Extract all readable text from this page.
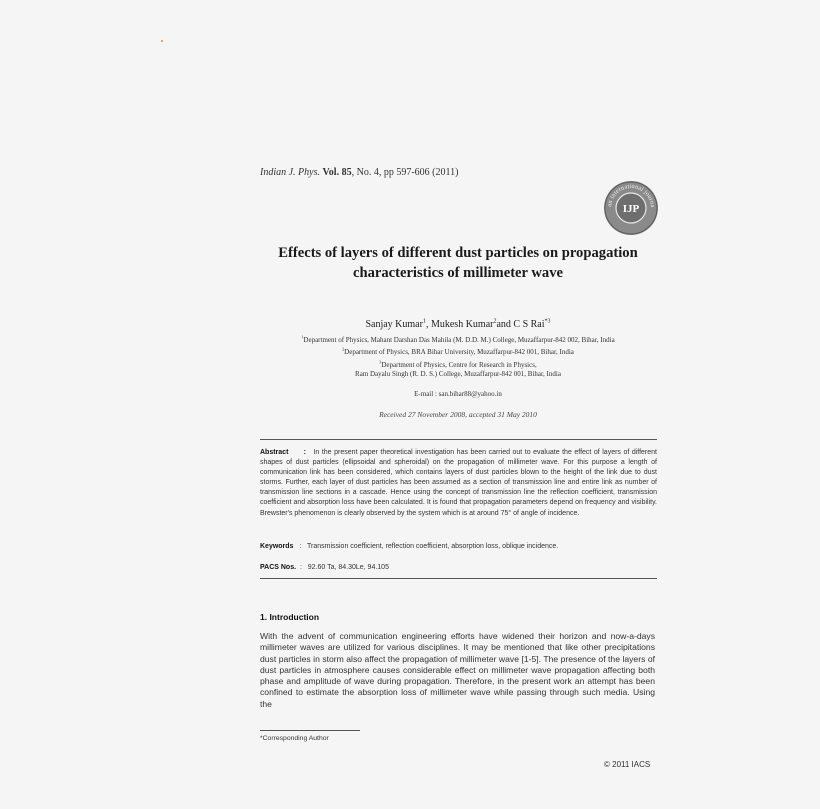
Indian J. Phys. Vol. 85, No. 4, pp 597-606 (2011)
an international journa
IJP
Effects of layers of different dust particles on propagation
characteristics of millimeter wave
Sanjay Kumar$^1$, Mukesh Kumar$^2$and C S Rai$^{*3}$
$^1$Department of Physics, Mahant Darshan Das Mahila (M. D.D. M.) College, Muzaffarpur-842 002, Bihar, India
$^2$Department of Physics, BRA Bihar University, Muzaffarpur-842 001, Bihar, India
$^3$Department of Physics, Centre for Research in Physics,
Ram Dayalu Singh (R. D. S.) College, Muzaffarpur-842 001, Bihar, India
E-mail : san.bihar88@yahoo.in
Received 27 November 2008, accepted 31 May 2010
Abstract : In the present paper theoretical investigation has been carried out to evaluate the effect of layers of different shapes of dust particles (ellipsoidal and spheroidal) on the propagation of millimeter wave. For this purpose a length of communication link has been considered, which contains layers of dust particles blown to the height of the link due to dust storms. Further, each layer of dust particles has been assumed as a section of transmission line and entire link as number of transmission line sections in a cascade. Hence using the concept of transmission line the reflection coefficient, transmission coefficient and absorption loss have been calculated. It is found that propagation parameters depend on frequency and visibility. Brewster's phenomenon is clearly observed by the system which is at around 75° of angle of incidence.
Keywords : Transmission coefficient, reflection coefficient, absorption loss, oblique incidence.
PACS Nos. : 92.60 Ta, 84.30Le, 94.105
1. Introduction
With the advent of communication engineering efforts have widened their horizon and now-a-days millimeter waves are utilized for various disciplines. It may be mentioned that like other precipitations dust particles in storm also affect the propagation of millimeter wave [1-5]. The presence of the layers of dust particles in atmosphere causes considerable effect on millimeter wave propagation affecting both phase and amplitude of wave during propagation. Therefore, in the present work an attempt has been confined to estimate the absorption loss of millimeter wave while passing through such media. Using the
*Corresponding Author
© 2011 IACS
